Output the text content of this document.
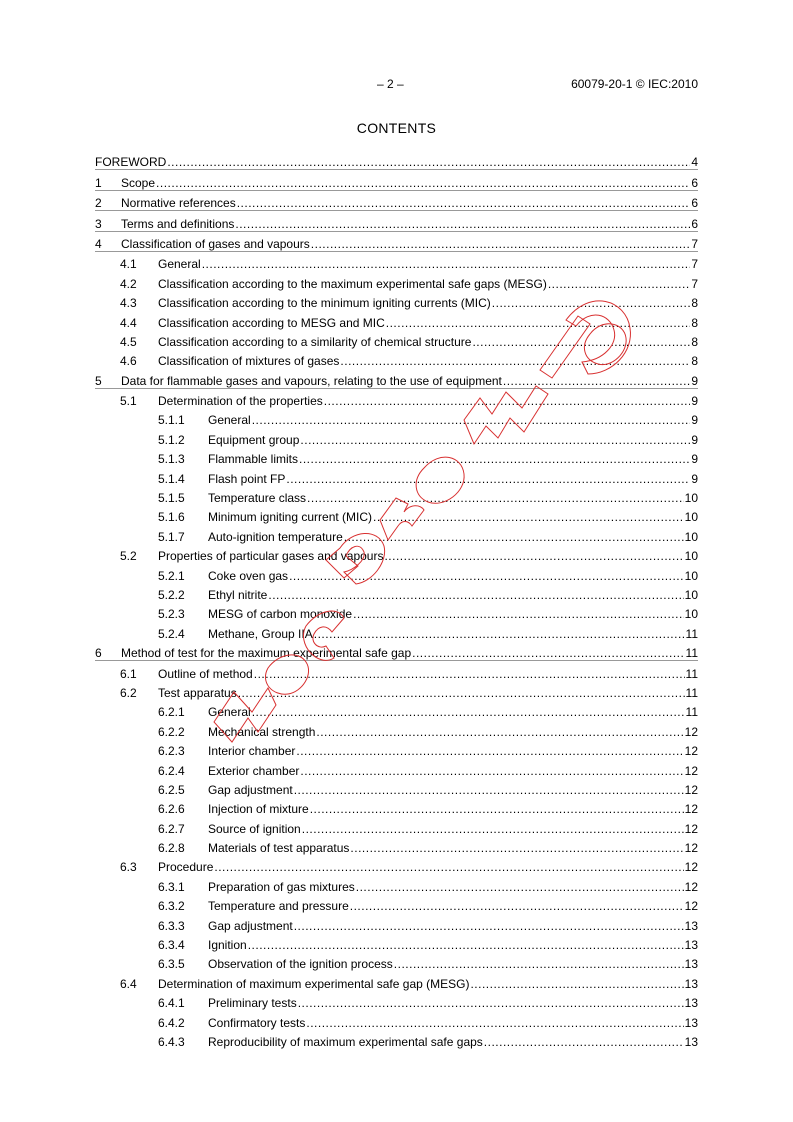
– 2 –	60079-20-1 © IEC:2010
CONTENTS
FOREWORD .....	4
1	Scope .....	6
2	Normative references .....	6
3	Terms and definitions .....	6
4	Classification of gases and vapours .....	7
4.1	General .....	7
4.2	Classification according to the maximum experimental safe gaps (MESG) .....	7
4.3	Classification according to the minimum igniting currents (MIC) .....	8
4.4	Classification according to MESG and MIC .....	8
4.5	Classification according to a similarity of chemical structure .....	8
4.6	Classification of mixtures of gases .....	8
5	Data for flammable gases and vapours, relating to the use of equipment .....	9
5.1	Determination of the properties .....	9
5.1.1	General .....	9
5.1.2	Equipment group .....	9
5.1.3	Flammable limits .....	9
5.1.4	Flash point FP .....	9
5.1.5	Temperature class .....	10
5.1.6	Minimum igniting current (MIC) .....	10
5.1.7	Auto-ignition temperature .....	10
5.2	Properties of particular gases and vapours .....	10
5.2.1	Coke oven gas .....	10
5.2.2	Ethyl nitrite .....	10
5.2.3	MESG of carbon monoxide .....	10
5.2.4	Methane, Group IIA .....	11
6	Method of test for the maximum experimental safe gap .....	11
6.1	Outline of method .....	11
6.2	Test apparatus .....	11
6.2.1	General .....	11
6.2.2	Mechanical strength .....	12
6.2.3	Interior chamber .....	12
6.2.4	Exterior chamber .....	12
6.2.5	Gap adjustment .....	12
6.2.6	Injection of mixture .....	12
6.2.7	Source of ignition .....	12
6.2.8	Materials of test apparatus .....	12
6.3	Procedure .....	12
6.3.1	Preparation of gas mixtures .....	12
6.3.2	Temperature and pressure .....	12
6.3.3	Gap adjustment .....	13
6.3.4	Ignition .....	13
6.3.5	Observation of the ignition process .....	13
6.4	Determination of maximum experimental safe gap (MESG) .....	13
6.4.1	Preliminary tests .....	13
6.4.2	Confirmatory tests .....	13
6.4.3	Reproducibility of maximum experimental safe gaps .....	13
